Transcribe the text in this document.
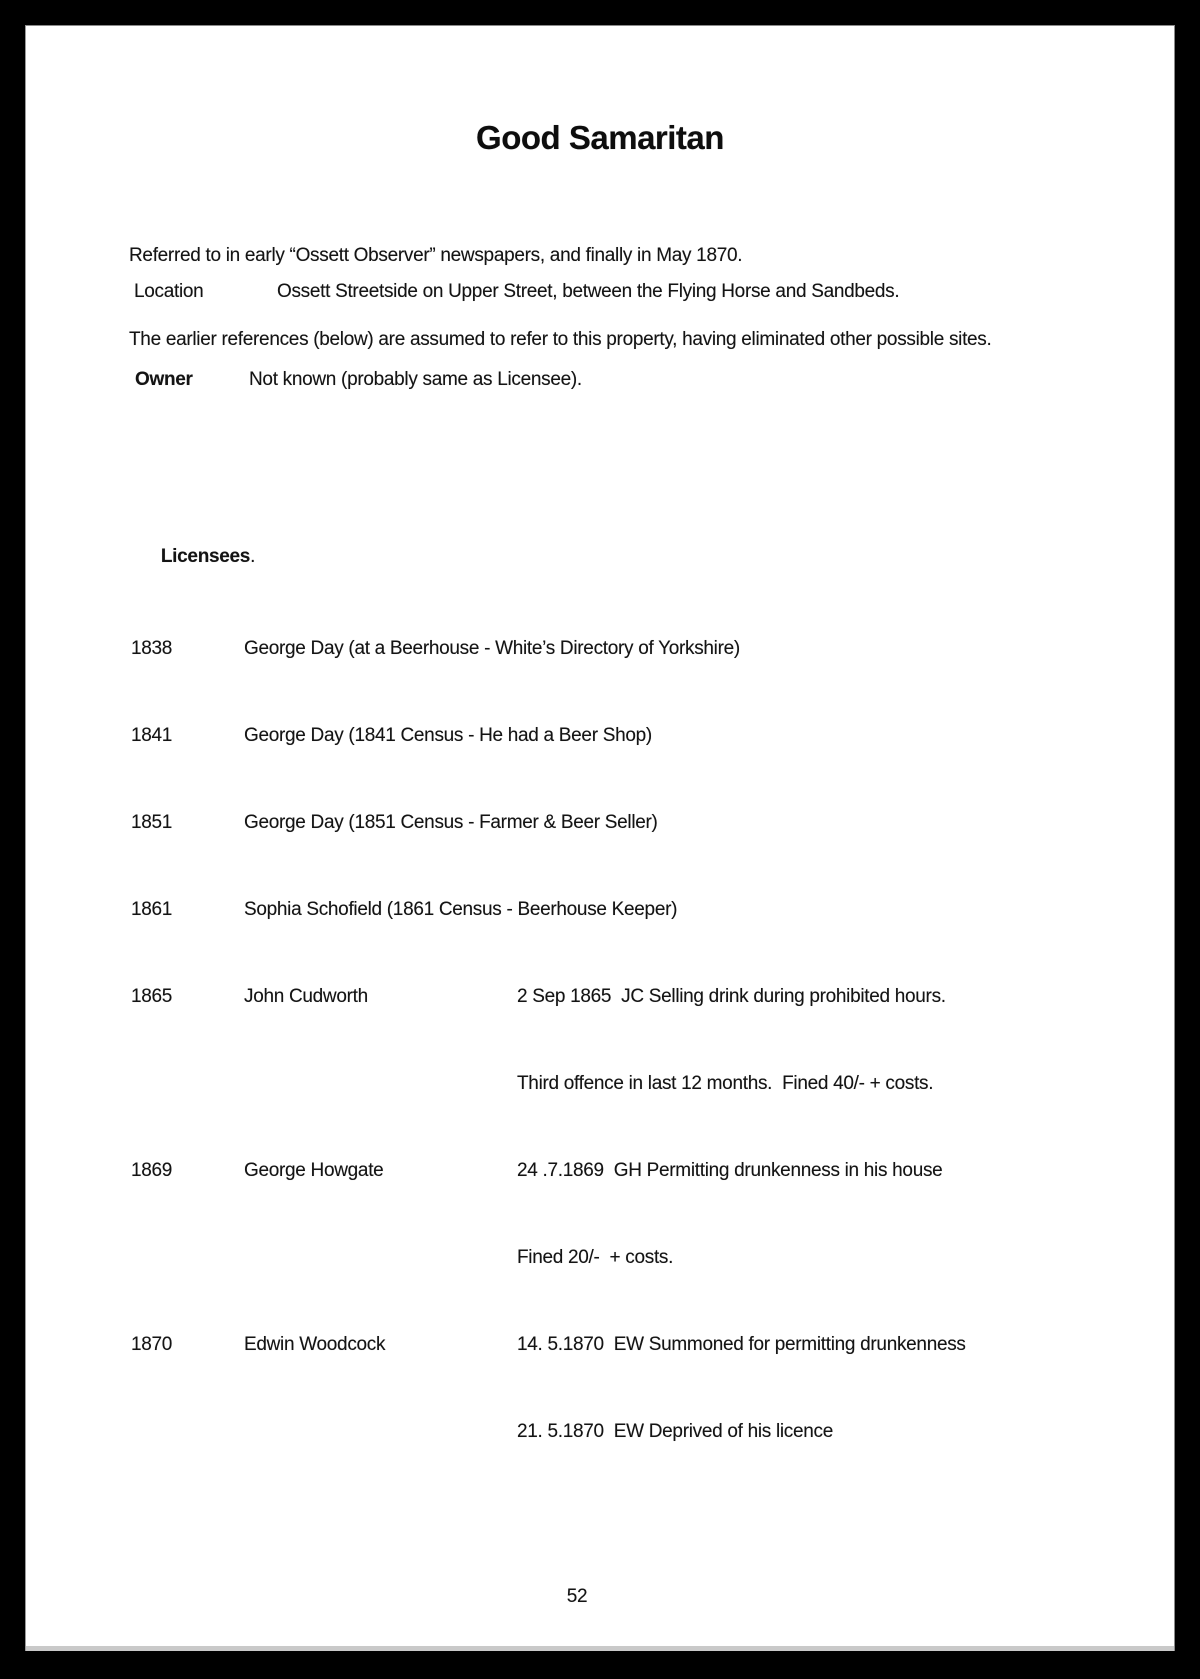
Good Samaritan

Referred to in early “Ossett Observer” newspapers, and finally in May 1870.

The earlier references (below) are assumed to refer to this property, having eliminated other possible sites.

Location	Ossett Streetside on Upper Street, between the Flying Horse and Sandbeds.
Owner	Not known (probably same as Licensee).

Licensees.

1838	George Day (at a Beerhouse - White’s Directory of Yorkshire)

1841	George Day (1841 Census - He had a Beer Shop)

1851	George Day (1851 Census - Farmer & Beer Seller)

1861	Sophia Schofield (1861 Census - Beerhouse Keeper)

1865	John Cudworth	2 Sep 1865  JC Selling drink during prohibited hours.

Third offence in last 12 months.  Fined 40/- + costs.

1869	George Howgate	24 .7.1869  GH Permitting drunkenness in his house

Fined 20/-  + costs.

1870	Edwin Woodcock	14. 5.1870  EW Summoned for permitting drunkenness

21. 5.1870  EW Deprived of his licence

52
